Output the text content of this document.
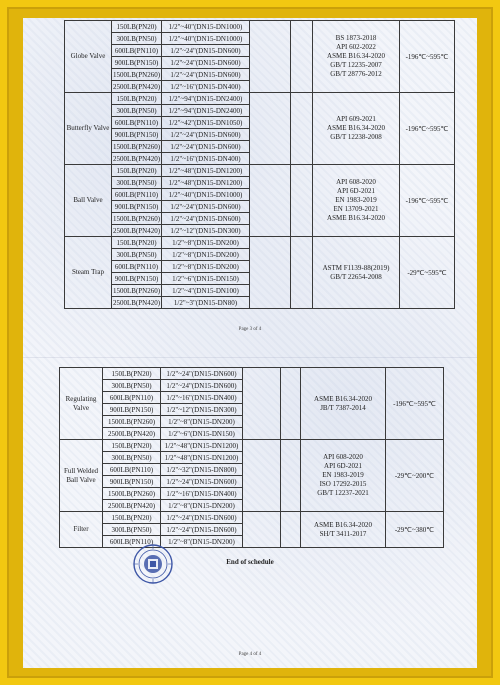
Globe Valve	150LB(PN20)	1/2"~40"(DN15-DN1000)			BS 1873-2018
API 602-2022
ASME B16.34-2020
GB/T 12235-2007
GB/T 28776-2012	-196℃~595℃
	300LB(PN50)	1/2"~40"(DN15-DN1000)				
	600LB(PN110)	1/2"~24"(DN15-DN600)				
	900LB(PN150)	1/2"~24"(DN15-DN600)				
	1500LB(PN260)	1/2"~24"(DN15-DN600)				
	2500LB(PN420)	1/2"~16"(DN15-DN400)				
Butterfly Valve	150LB(PN20)	1/2"~94"(DN15-DN2400)			API 609-2021
ASME B16.34-2020
GB/T 12238-2008	-196℃~595℃
	300LB(PN50)	1/2"~94"(DN15-DN2400)				
	600LB(PN110)	1/2"~42"(DN15-DN1050)				
	900LB(PN150)	1/2"~24"(DN15-DN600)				
	1500LB(PN260)	1/2"~24"(DN15-DN600)				
	2500LB(PN420)	1/2"~16"(DN15-DN400)				
Ball Valve	150LB(PN20)	1/2"~48"(DN15-DN1200)			API 608-2020
API 6D-2021
EN 1983-2019
EN 13709-2021
ASME B16.34-2020	-196℃~595℃
	300LB(PN50)	1/2"~48"(DN15-DN1200)				
	600LB(PN110)	1/2"~40"(DN15-DN1000)				
	900LB(PN150)	1/2"~24"(DN15-DN600)				
	1500LB(PN260)	1/2"~24"(DN15-DN600)				
	2500LB(PN420)	1/2"~12"(DN15-DN300)				
Steam Trap	150LB(PN20)	1/2"~8"(DN15-DN200)			ASTM F1139-88(2019)
GB/T 22654-2008	-29℃~595℃
	300LB(PN50)	1/2"~8"(DN15-DN200)				
	600LB(PN110)	1/2"~8"(DN15-DN200)				
	900LB(PN150)	1/2"~6"(DN15-DN150)				
	1500LB(PN260)	1/2"~4"(DN15-DN100)				
	2500LB(PN420)	1/2"~3"(DN15-DN80)				
Page 3 of 4
Regulating Valve	150LB(PN20)	1/2"~24"(DN15-DN600)			ASME B16.34-2020
JB/T 7387-2014	-196℃~595℃
	300LB(PN50)	1/2"~24"(DN15-DN600)				
	600LB(PN110)	1/2"~16"(DN15-DN400)				
	900LB(PN150)	1/2"~12"(DN15-DN300)				
	1500LB(PN260)	1/2"~8"(DN15-DN200)				
	2500LB(PN420)	1/2"~6"(DN15-DN150)				
Full Welded Ball Valve	150LB(PN20)	1/2"~48"(DN15-DN1200)			API 608-2020
API 6D-2021
EN 1983-2019
ISO 17292-2015
GB/T 12237-2021	-29℃~200℃
	300LB(PN50)	1/2"~48"(DN15-DN1200)				
	600LB(PN110)	1/2"~32"(DN15-DN800)				
	900LB(PN150)	1/2"~24"(DN15-DN600)				
	1500LB(PN260)	1/2"~16"(DN15-DN400)				
	2500LB(PN420)	1/2"~8"(DN15-DN200)				
Filter	150LB(PN20)	1/2"~24"(DN15-DN600)			ASME B16.34-2020
SH/T 3411-2017	-29℃~380℃
	300LB(PN50)	1/2"~24"(DN15-DN600)				
	600LB(PN110)	1/2"~8"(DN15-DN200)				
End of schedule
Page 4 of 4
